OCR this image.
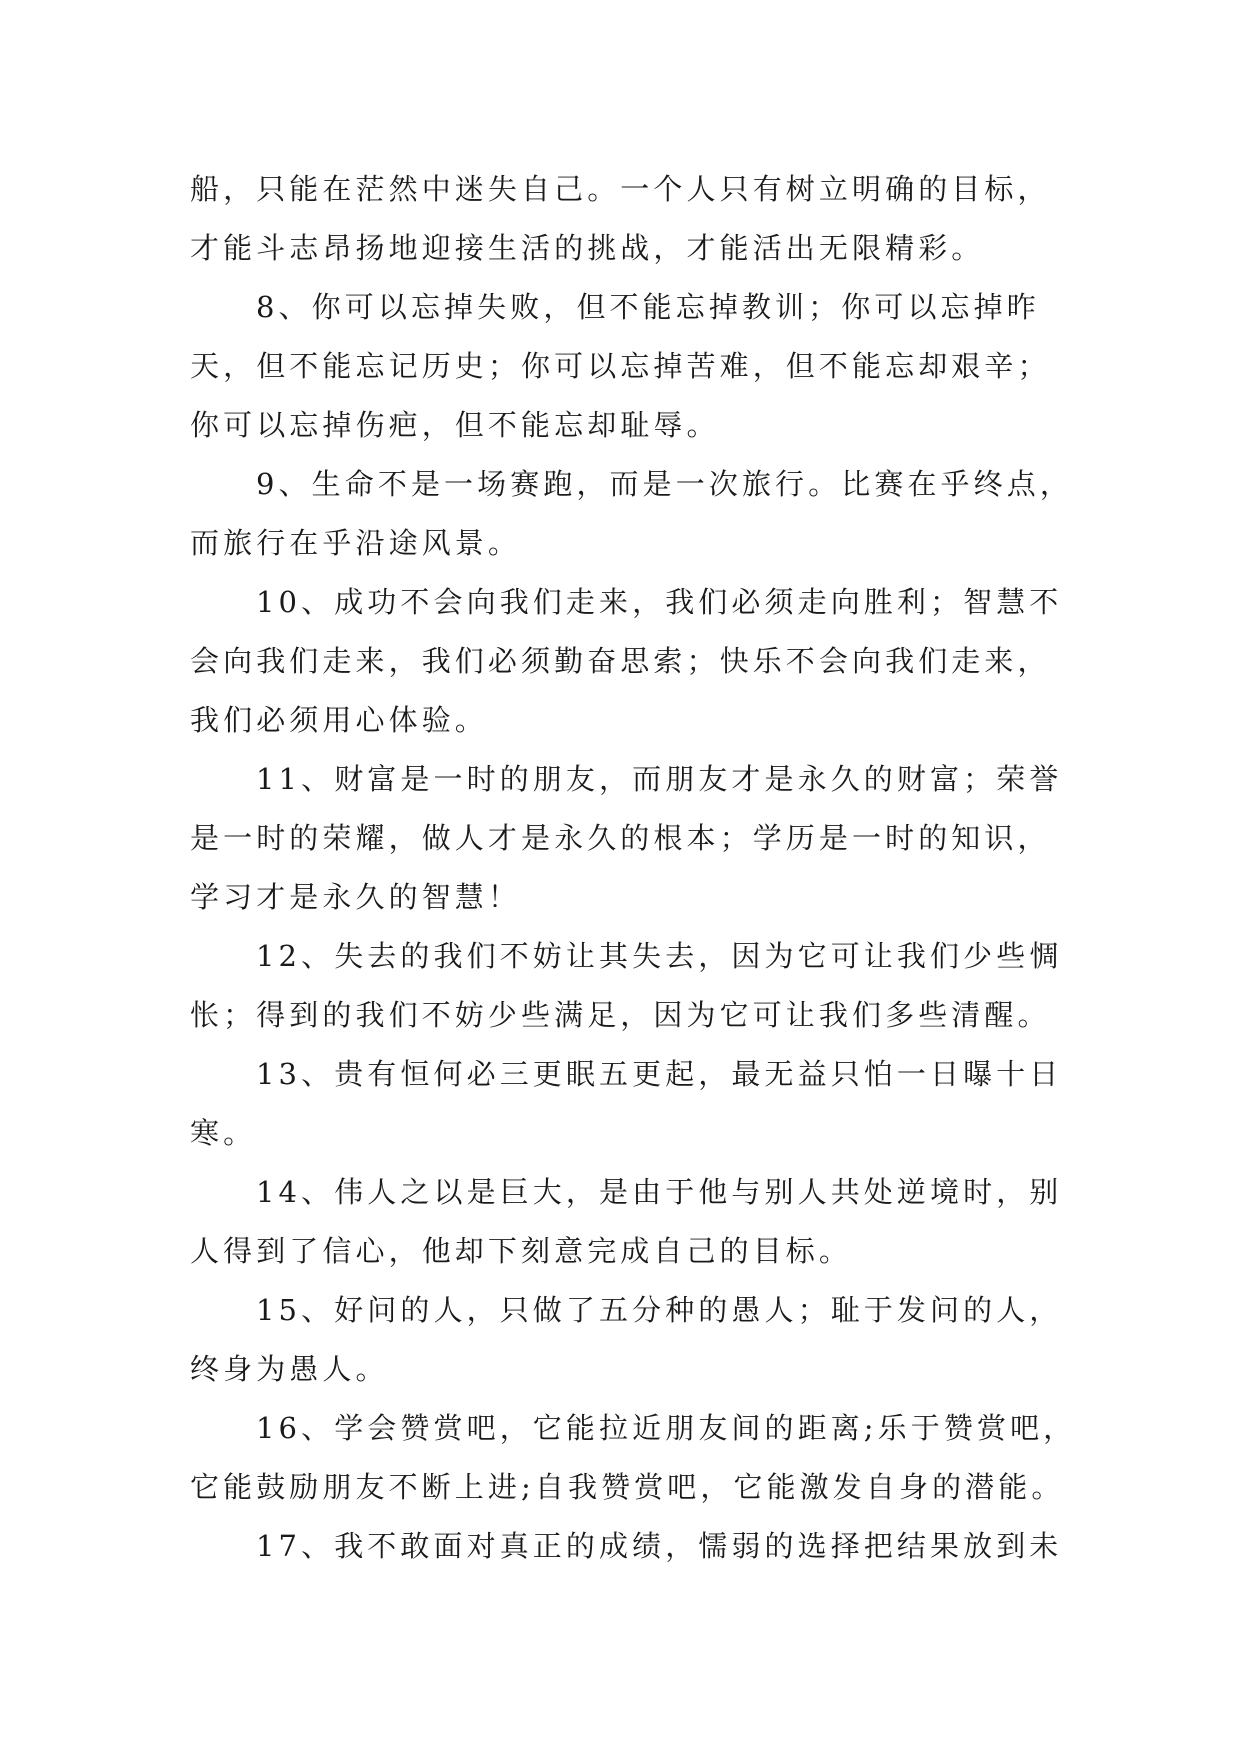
船，只能在茫然中迷失自己。一个人只有树立明确的目标，
才能斗志昂扬地迎接生活的挑战，才能活出无限精彩。

8、你可以忘掉失败，但不能忘掉教训；你可以忘掉昨
天，但不能忘记历史；你可以忘掉苦难，但不能忘却艰辛；
你可以忘掉伤疤，但不能忘却耻辱。

9、生命不是一场赛跑，而是一次旅行。比赛在乎终点，
而旅行在乎沿途风景。

10、成功不会向我们走来，我们必须走向胜利；智慧不
会向我们走来，我们必须勤奋思索；快乐不会向我们走来，
我们必须用心体验。

11、财富是一时的朋友，而朋友才是永久的财富；荣誉
是一时的荣耀，做人才是永久的根本；学历是一时的知识，
学习才是永久的智慧！

12、失去的我们不妨让其失去，因为它可让我们少些惆
怅；得到的我们不妨少些满足，因为它可让我们多些清醒。

13、贵有恒何必三更眠五更起，最无益只怕一日曝十日
寒。

14、伟人之以是巨大，是由于他与别人共处逆境时，别
人得到了信心，他却下刻意完成自己的目标。

15、好问的人，只做了五分种的愚人；耻于发问的人，
终身为愚人。

16、学会赞赏吧，它能拉近朋友间的距离;乐于赞赏吧，
它能鼓励朋友不断上进;自我赞赏吧，它能激发自身的潜能。

17、我不敢面对真正的成绩，懦弱的选择把结果放到未
